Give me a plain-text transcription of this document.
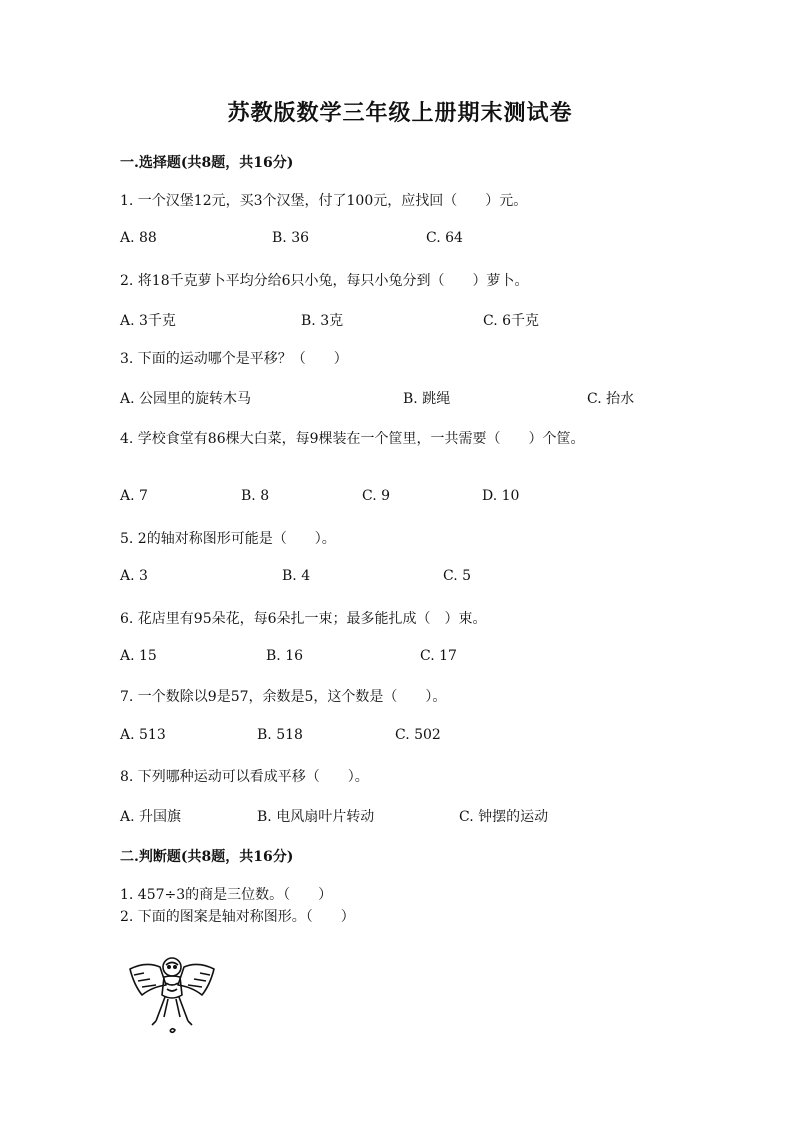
苏教版数学三年级上册期末测试卷
一.选择题(共8题，共16分)
1. 一个汉堡12元，买3个汉堡，付了100元，应找回（　　）元。
A. 88	B. 36	C. 64
2. 将18千克萝卜平均分给6只小兔，每只小兔分到（　　）萝卜。
A. 3千克	B. 3克	C. 6千克
3. 下面的运动哪个是平移？（　　）
A. 公园里的旋转木马	B. 跳绳	C. 抬水
4. 学校食堂有86棵大白菜，每9棵装在一个筐里，一共需要（　　）个筐。
A. 7	B. 8	C. 9	D. 10
5. 2的轴对称图形可能是（　　）。
A. 3	B. 4	C. 5
6. 花店里有95朵花，每6朵扎一束；最多能扎成（　）束。
A. 15	B. 16	C. 17
7. 一个数除以9是57，余数是5，这个数是（　　）。
A. 513	B. 518	C. 502
8. 下列哪种运动可以看成平移（　　）。
A. 升国旗	B. 电风扇叶片转动	C. 钟摆的运动
二.判断题(共8题，共16分)
1. 457÷3的商是三位数。（　　）
2. 下面的图案是轴对称图形。（　　）
